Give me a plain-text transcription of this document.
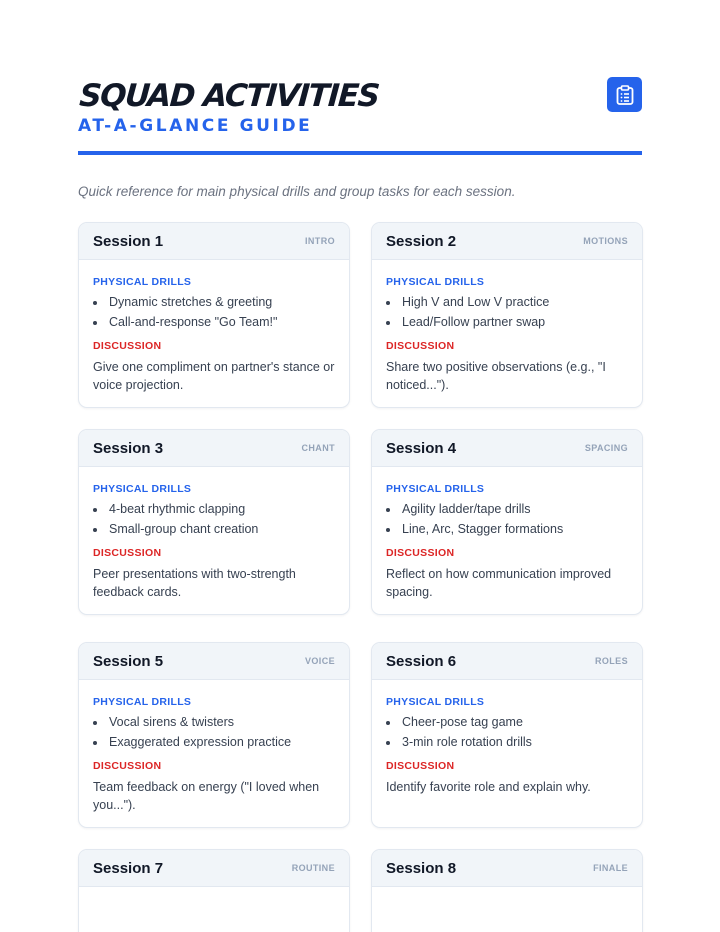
SQUAD ACTIVITIES
AT-A-GLANCE GUIDE
Quick reference for main physical drills and group tasks for each session.
Session 1	INTRO
PHYSICAL DRILLS
Dynamic stretches & greeting
Call-and-response "Go Team!"
DISCUSSION
Give one compliment on partner's stance or voice projection.
Session 2	MOTIONS
PHYSICAL DRILLS
High V and Low V practice
Lead/Follow partner swap
DISCUSSION
Share two positive observations (e.g., "I noticed...").
Session 3	CHANT
PHYSICAL DRILLS
4-beat rhythmic clapping
Small-group chant creation
DISCUSSION
Peer presentations with two-strength feedback cards.
Session 4	SPACING
PHYSICAL DRILLS
Agility ladder/tape drills
Line, Arc, Stagger formations
DISCUSSION
Reflect on how communication improved spacing.
Session 5	VOICE
PHYSICAL DRILLS
Vocal sirens & twisters
Exaggerated expression practice
DISCUSSION
Team feedback on energy ("I loved when you...").
Session 6	ROLES
PHYSICAL DRILLS
Cheer-pose tag game
3-min role rotation drills
DISCUSSION
Identify favorite role and explain why.
Session 7	ROUTINE	Session 8	FINALE
